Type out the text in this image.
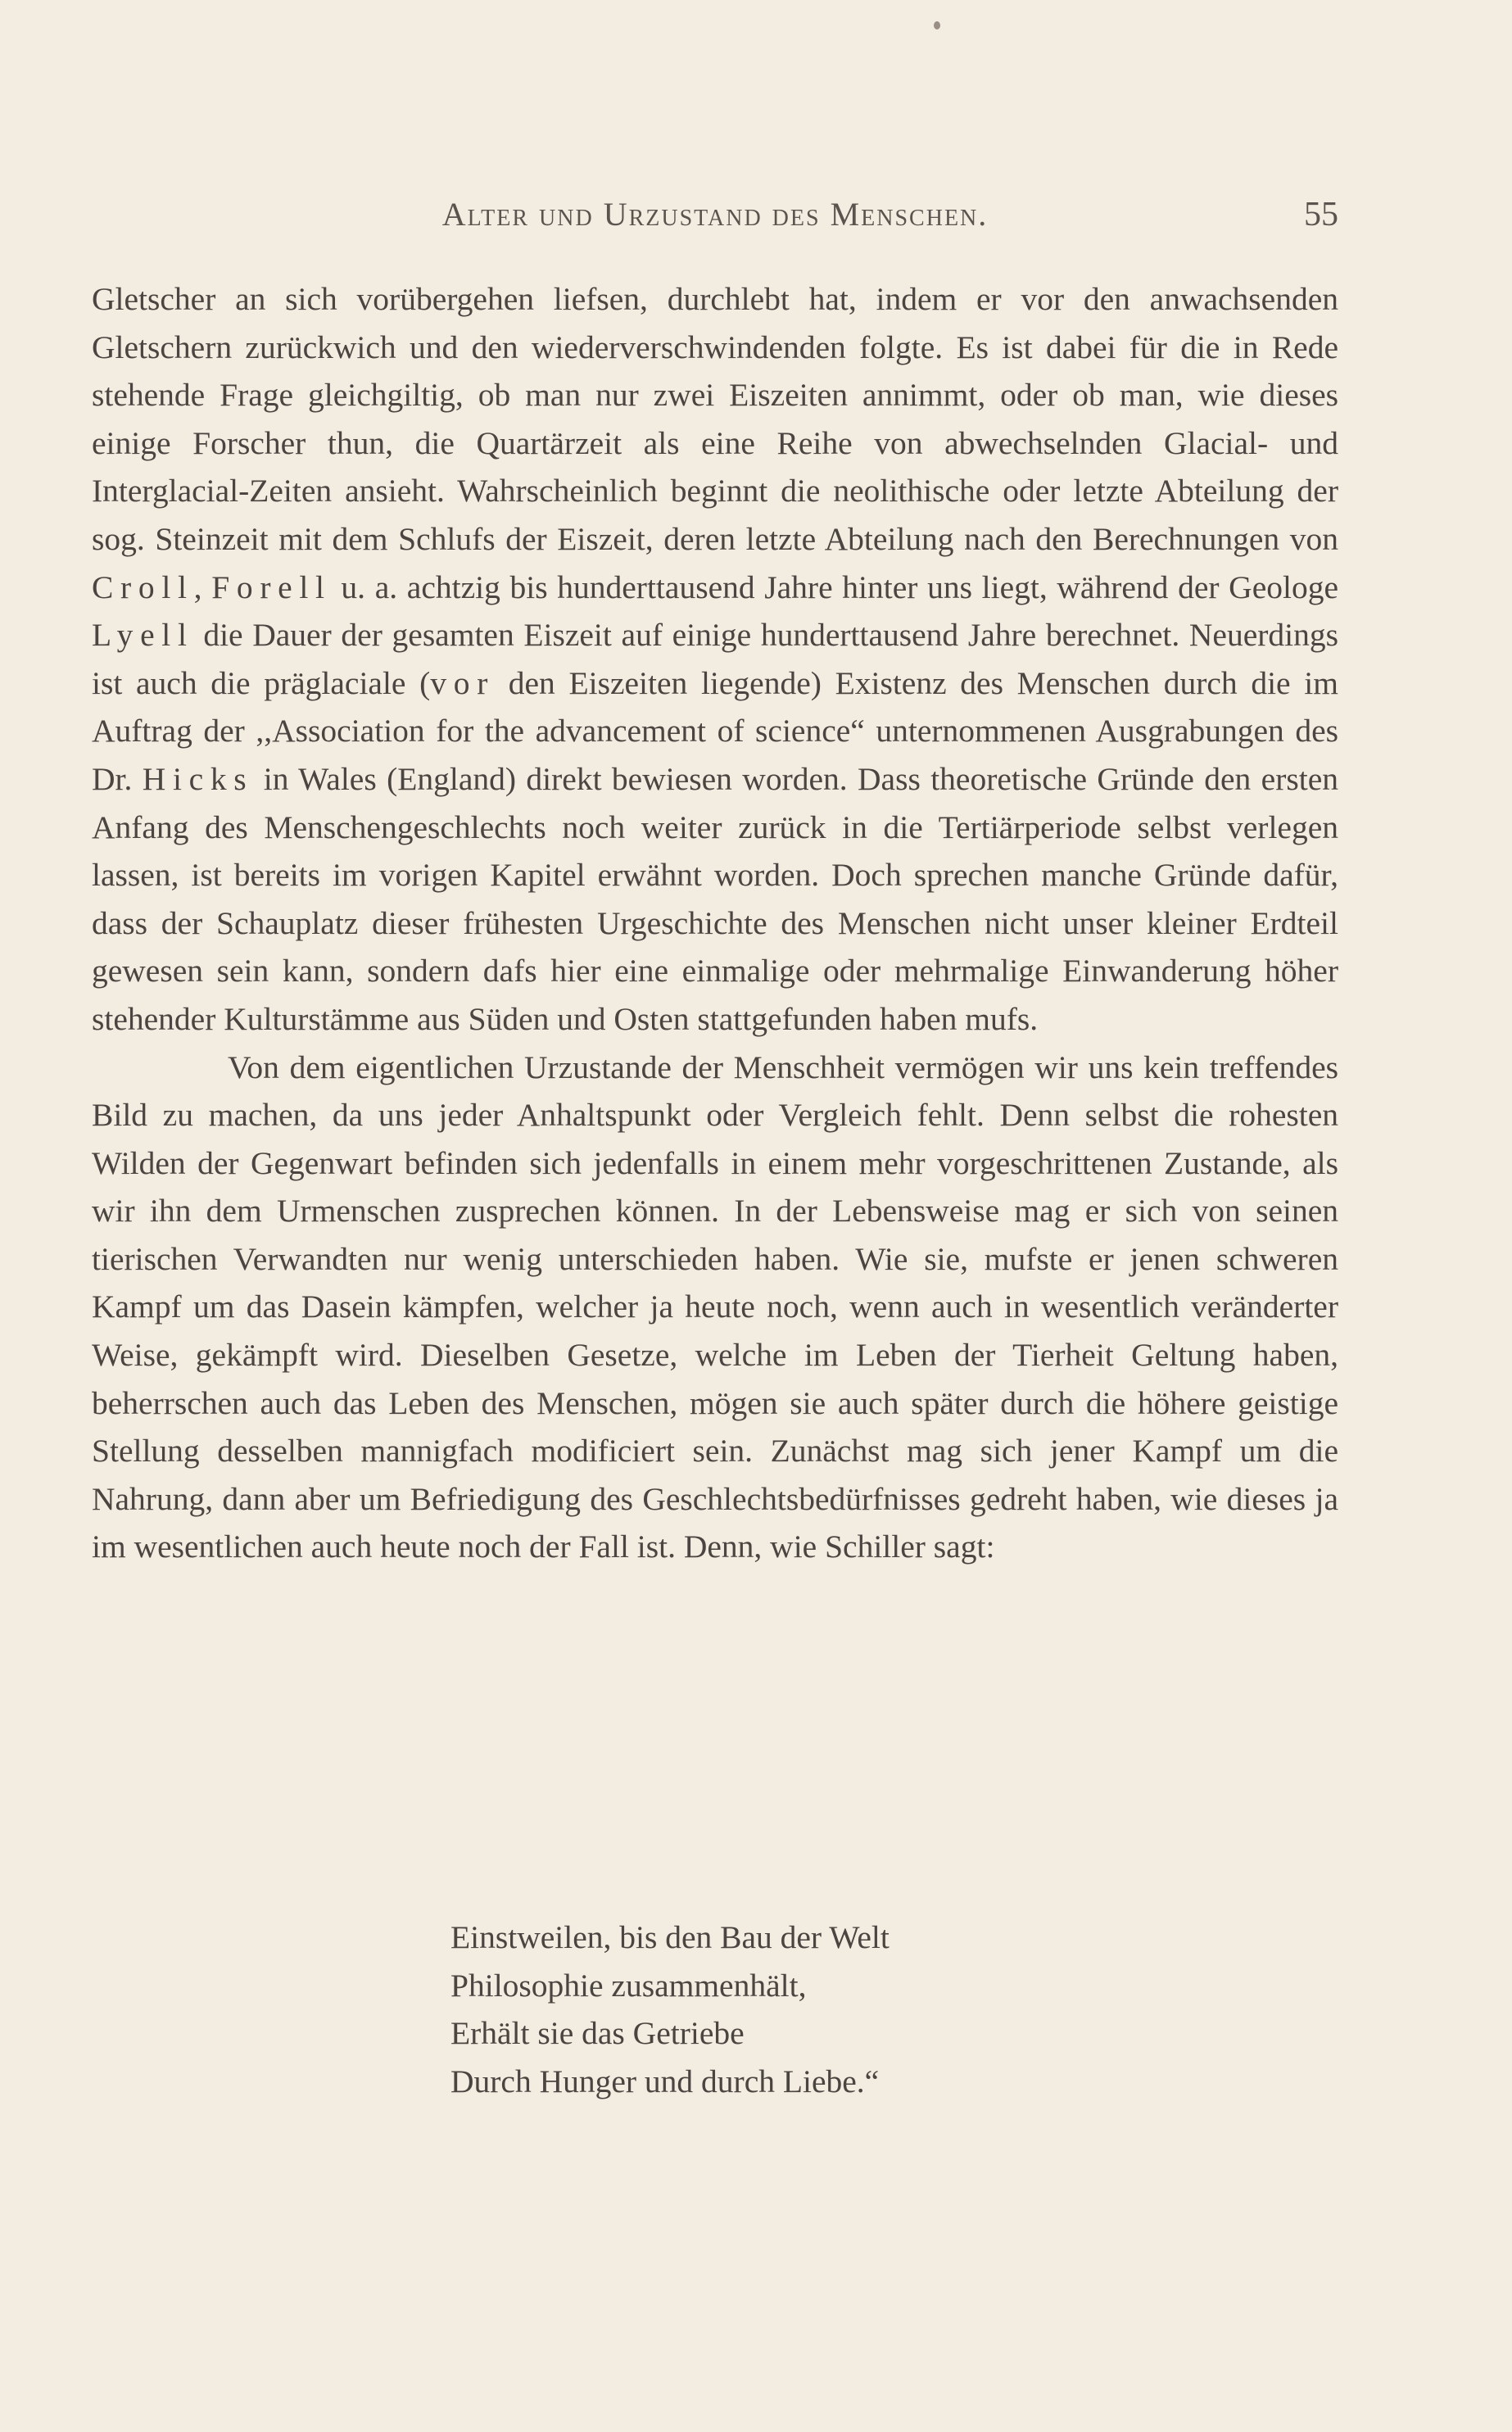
Alter und Urzustand des Menschen.	55

Gletscher an sich vorübergehen liefsen, durchlebt hat, indem er vor den anwachsenden Gletschern zurückwich und den wiederverschwindenden folgte. Es ist dabei für die in Rede stehende Frage gleichgiltig, ob man nur zwei Eiszeiten annimmt, oder ob man, wie dieses einige Forscher thun, die Quartärzeit als eine Reihe von abwechselnden Glacial- und Interglacial-Zeiten ansieht. Wahrscheinlich beginnt die neolithische oder letzte Abteilung der sog. Steinzeit mit dem Schlufs der Eiszeit, deren letzte Abteilung nach den Berechnungen von Croll, Forell u. a. achtzig bis hunderttausend Jahre hinter uns liegt, während der Geologe Lyell die Dauer der gesamten Eiszeit auf einige hunderttausend Jahre berechnet. Neuerdings ist auch die präglaciale (vor den Eiszeiten liegende) Existenz des Menschen durch die im Auftrag der ,,Association for the advancement of science“ unternommenen Ausgrabungen des Dr. Hicks in Wales (England) direkt bewiesen worden. Dass theoretische Gründe den ersten Anfang des Menschengeschlechts noch weiter zurück in die Tertiärperiode selbst verlegen lassen, ist bereits im vorigen Kapitel erwähnt worden. Doch sprechen manche Gründe dafür, dass der Schauplatz dieser frühesten Urgeschichte des Menschen nicht unser kleiner Erdteil gewesen sein kann, sondern dafs hier eine einmalige oder mehrmalige Einwanderung höher stehender Kulturstämme aus Süden und Osten stattgefunden haben mufs.

Von dem eigentlichen Urzustande der Menschheit vermögen wir uns kein treffendes Bild zu machen, da uns jeder Anhaltspunkt oder Vergleich fehlt. Denn selbst die rohesten Wilden der Gegenwart befinden sich jedenfalls in einem mehr vorgeschrittenen Zustande, als wir ihn dem Urmenschen zusprechen können. In der Lebensweise mag er sich von seinen tierischen Verwandten nur wenig unterschieden haben. Wie sie, mufste er jenen schweren Kampf um das Dasein kämpfen, welcher ja heute noch, wenn auch in wesentlich veränderter Weise, gekämpft wird. Dieselben Gesetze, welche im Leben der Tierheit Geltung haben, beherrschen auch das Leben des Menschen, mögen sie auch später durch die höhere geistige Stellung desselben mannigfach modificiert sein. Zunächst mag sich jener Kampf um die Nahrung, dann aber um Befriedigung des Geschlechtsbedürfnisses gedreht haben, wie dieses ja im wesentlichen auch heute noch der Fall ist. Denn, wie Schiller sagt:

Einstweilen, bis den Bau der Welt
Philosophie zusammenhält,
Erhält sie das Getriebe
Durch Hunger und durch Liebe.“
